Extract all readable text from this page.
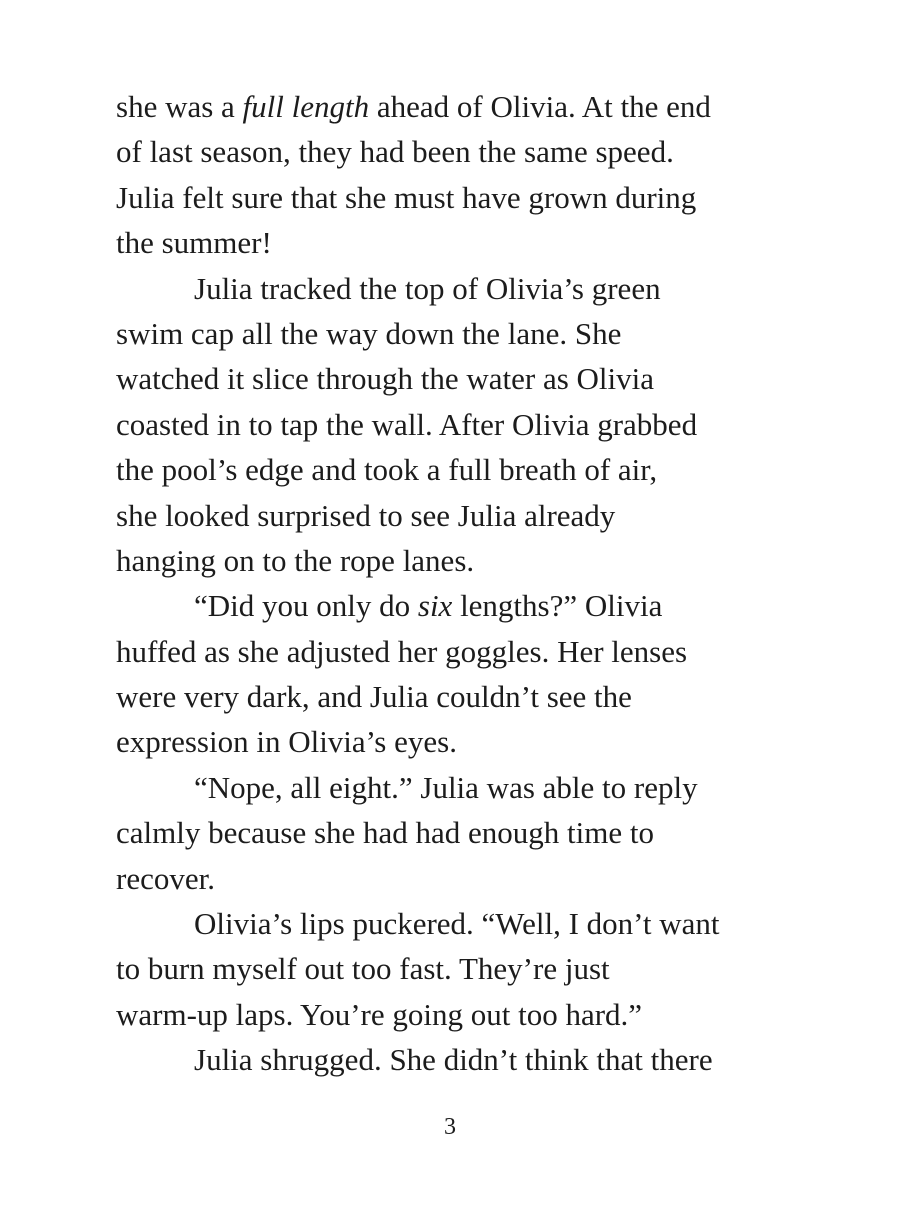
she was a full length ahead of Olivia. At the end
of last season, they had been the same speed.
Julia felt sure that she must have grown during
the summer!
Julia tracked the top of Olivia’s green
swim cap all the way down the lane. She
watched it slice through the water as Olivia
coasted in to tap the wall. After Olivia grabbed
the pool’s edge and took a full breath of air,
she looked surprised to see Julia already
hanging on to the rope lanes.
“Did you only do six lengths?” Olivia
huffed as she adjusted her goggles. Her lenses
were very dark, and Julia couldn’t see the
expression in Olivia’s eyes.
“Nope, all eight.” Julia was able to reply
calmly because she had had enough time to
recover.
Olivia’s lips puckered. “Well, I don’t want
to burn myself out too fast. They’re just
warm-up laps. You’re going out too hard.”
Julia shrugged. She didn’t think that there
3
